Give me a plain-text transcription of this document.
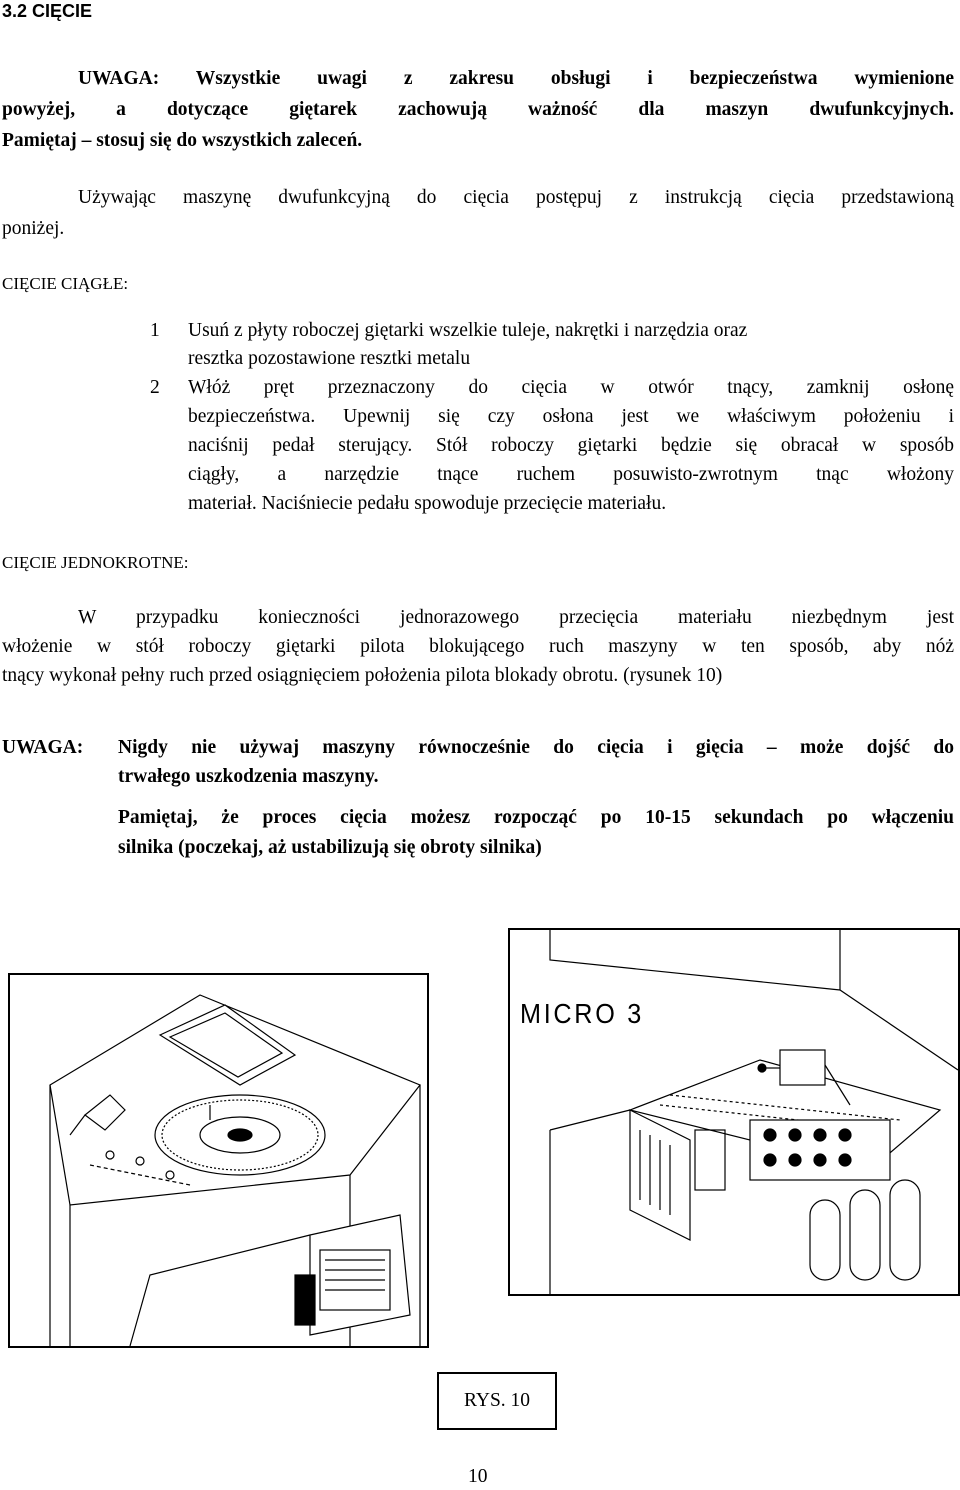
3.2 CIĘCIE
UWAGA: Wszystkie uwagi z zakresu obsługi i bezpieczeństwa wymienione
powyżej, a dotyczące giętarek zachowują ważność dla maszyn dwufunkcyjnych.
Pamiętaj – stosuj się do wszystkich zaleceń.
Używając maszynę dwufunkcyjną do cięcia postępuj z instrukcją cięcia przedstawioną
poniżej.
CIĘCIE CIĄGŁE:
1 Usuń z płyty roboczej giętarki wszelkie tuleje, nakrętki i narzędzia oraz
resztka pozostawione resztki metalu
2 Włóż pręt przeznaczony do cięcia w otwór tnący, zamknij osłonę
bezpieczeństwa. Upewnij się czy osłona jest we właściwym położeniu i
naciśnij pedał sterujący. Stół roboczy giętarki będzie się obracał w sposób
ciągły, a narzędzie tnące ruchem posuwisto-zwrotnym tnąc włożony
materiał. Naciśniecie pedału spowoduje przecięcie materiału.
CIĘCIE JEDNOKROTNE:
W przypadku konieczności jednorazowego przecięcia materiału niezbędnym jest
włożenie w stół roboczy giętarki pilota blokującego ruch maszyny w ten sposób, aby nóż
tnący wykonał pełny ruch przed osiągnięciem położenia pilota blokady obrotu. (rysunek 10)
UWAGA: Nigdy nie używaj maszyny równocześnie do cięcia i gięcia – może dojść do
trwałego uszkodzenia maszyny.
Pamiętaj, że proces cięcia możesz rozpocząć po 10-15 sekundach po włączeniu
silnika (poczekaj, aż ustabilizują się obroty silnika)
MICRO 3
RYS. 10
10
